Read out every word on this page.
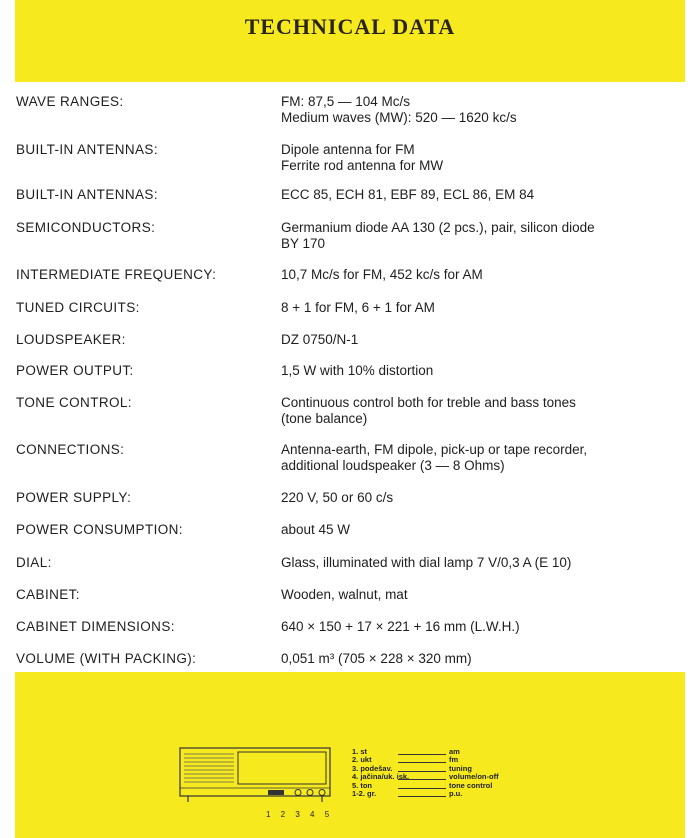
TECHNICAL DATA
WAVE RANGES:	FM: 87,5 — 104 Mc/s
Medium waves (MW): 520 — 1620 kc/s
BUILT-IN ANTENNAS:	Dipole antenna for FM
Ferrite rod antenna for MW
BUILT-IN ANTENNAS:	ECC 85, ECH 81, EBF 89, ECL 86, EM 84
SEMICONDUCTORS:	Germanium diode AA 130 (2 pcs.), pair, silicon diode
BY 170
INTERMEDIATE FREQUENCY:	10,7 Mc/s for FM, 452 kc/s for AM
TUNED CIRCUITS:	8 + 1 for FM, 6 + 1 for AM
LOUDSPEAKER:	DZ 0750/N-1
POWER OUTPUT:	1,5 W with 10% distortion
TONE CONTROL:	Continuous control both for treble and bass tones
(tone balance)
CONNECTIONS:	Antenna-earth, FM dipole, pick-up or tape recorder,
additional loudspeaker (3 — 8 Ohms)
POWER SUPPLY:	220 V, 50 or 60 c/s
POWER CONSUMPTION:	about 45 W
DIAL:	Glass, illuminated with dial lamp 7 V/0,3 A (E 10)
CABINET:	Wooden, walnut, mat
CABINET DIMENSIONS:	640 × 150 + 17 × 221 + 16 mm (L.W.H.)
VOLUME (WITH PACKING):	0,051 m³ (705 × 228 × 320 mm)
1 2 3 4 5
1. st	am
2. ukt	fm
3. podešav.	tuning
4. jačina/uk. isk.	volume/on-off
5. ton	tone control
1-2. gr.	p.u.
